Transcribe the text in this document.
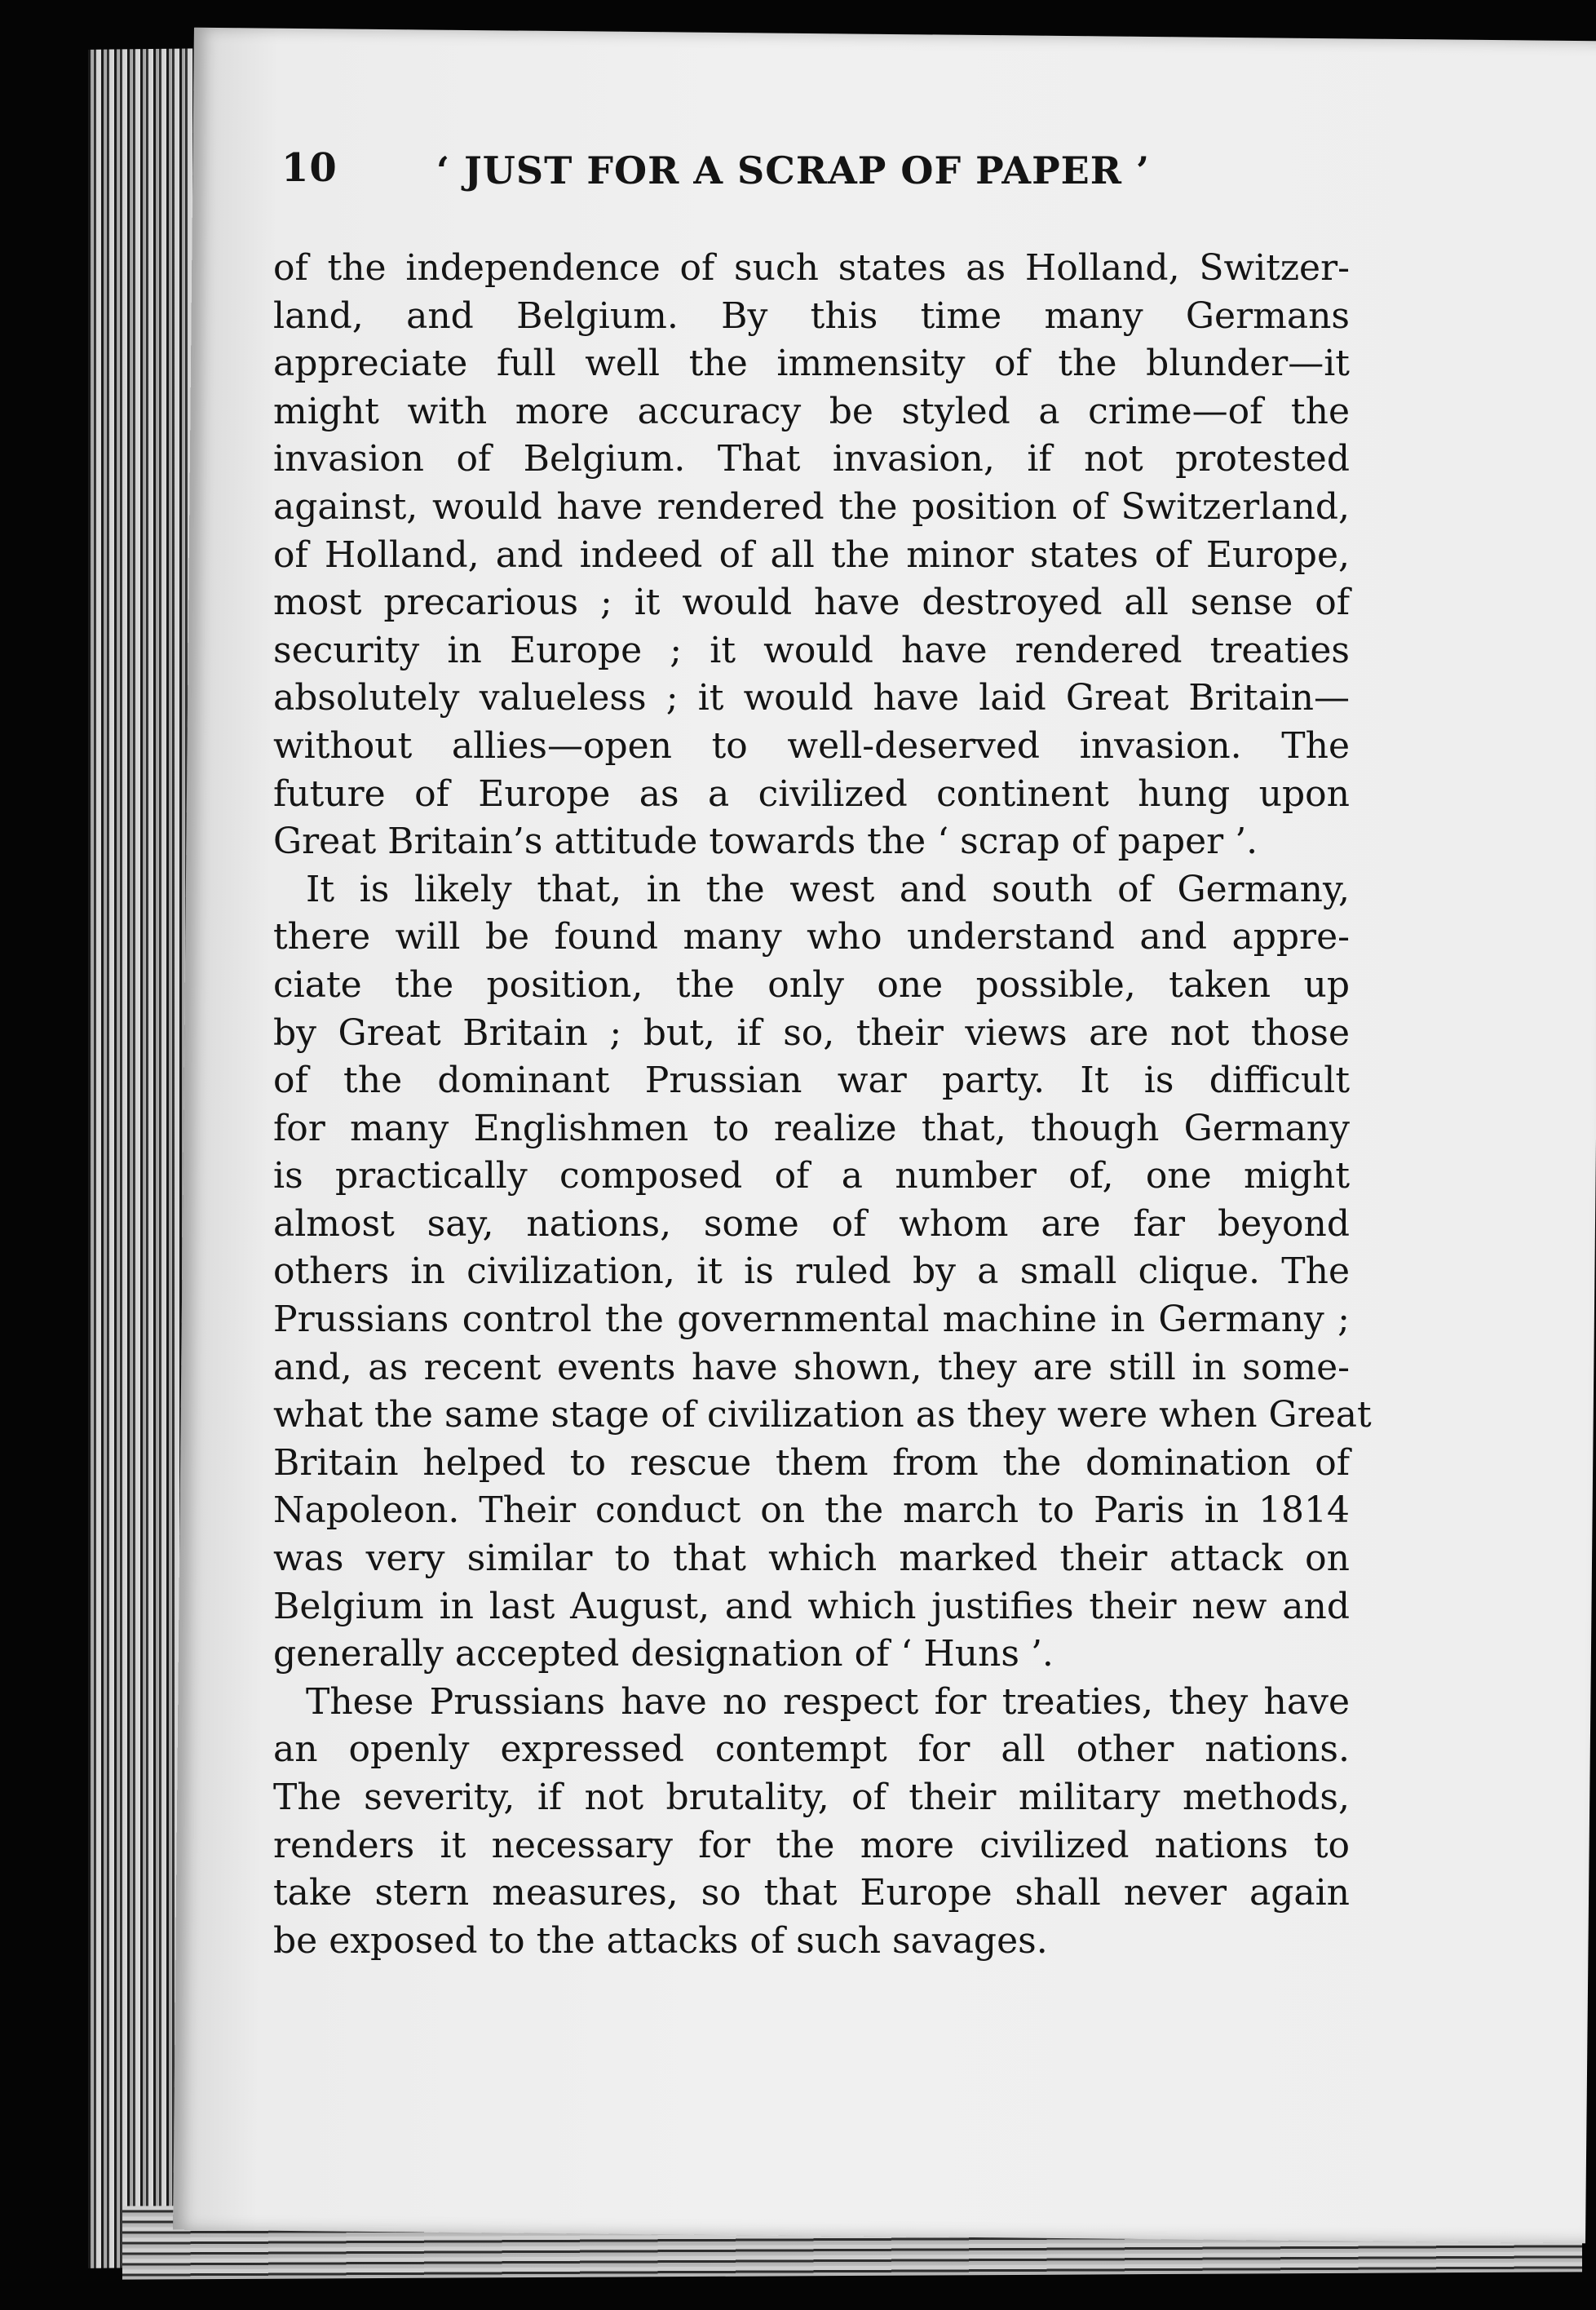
10	‘ JUST FOR A SCRAP OF PAPER ’

of the independence of such states as Holland, Switzer-
land, and Belgium. By this time many Germans
appreciate full well the immensity of the blunder—it
might with more accuracy be styled a crime—of the
invasion of Belgium. That invasion, if not protested
against, would have rendered the position of Switzerland,
of Holland, and indeed of all the minor states of Europe,
most precarious ; it would have destroyed all sense of
security in Europe ; it would have rendered treaties
absolutely valueless ; it would have laid Great Britain—
without allies—open to well-deserved invasion. The
future of Europe as a civilized continent hung upon
Great Britain’s attitude towards the ‘ scrap of paper ’.

It is likely that, in the west and south of Germany,
there will be found many who understand and appre-
ciate the position, the only one possible, taken up
by Great Britain ; but, if so, their views are not those
of the dominant Prussian war party. It is difficult
for many Englishmen to realize that, though Germany
is practically composed of a number of, one might
almost say, nations, some of whom are far beyond
others in civilization, it is ruled by a small clique. The
Prussians control the governmental machine in Germany ;
and, as recent events have shown, they are still in some-
what the same stage of civilization as they were when Great
Britain helped to rescue them from the domination of
Napoleon. Their conduct on the march to Paris in 1814
was very similar to that which marked their attack on
Belgium in last August, and which justifies their new and
generally accepted designation of ‘ Huns ’.

These Prussians have no respect for treaties, they have
an openly expressed contempt for all other nations.
The severity, if not brutality, of their military methods,
renders it necessary for the more civilized nations to
take stern measures, so that Europe shall never again
be exposed to the attacks of such savages.
